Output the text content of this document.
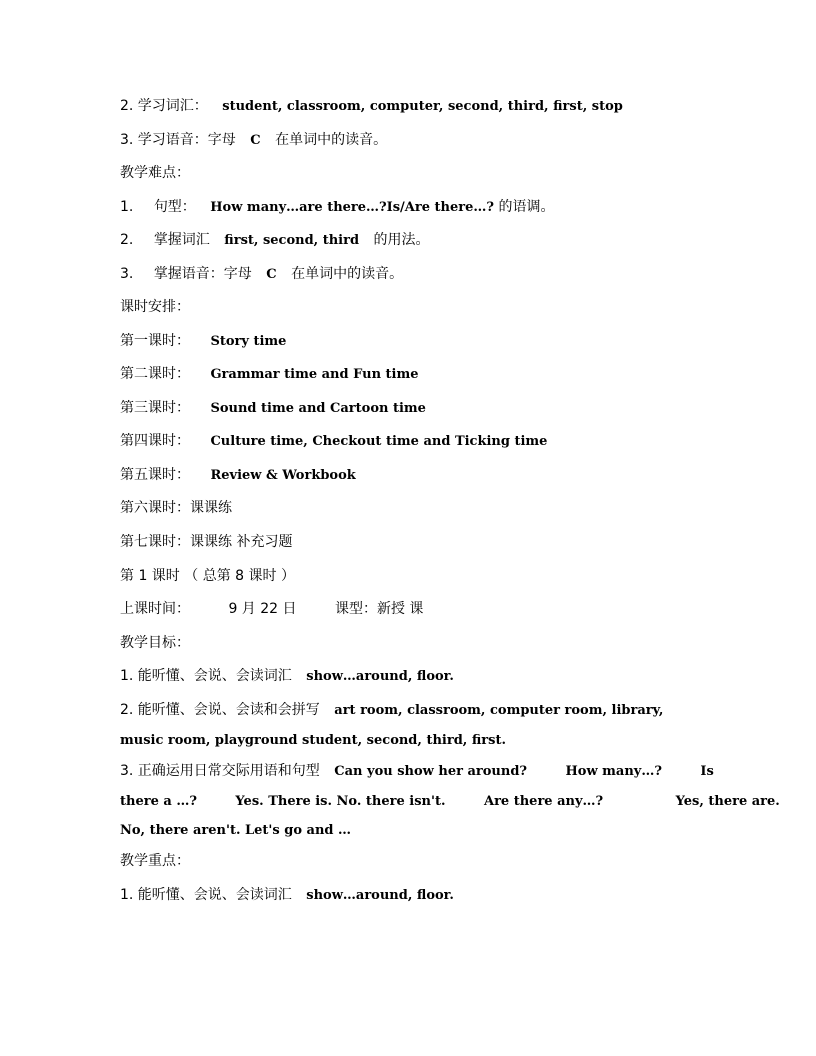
2. 学习词汇： student, classroom, computer, second, third, first, stop
3. 学习语音：字母 C 在单词中的读音。
教学难点：
1. 句型： How many…are there…?Is/Are there…? 的语调。
2. 掌握词汇 first, second, third 的用法。
3. 掌握语音：字母 C 在单词中的读音。
课时安排：
第一课时： Story time
第二课时： Grammar time and Fun time
第三课时： Sound time and Cartoon time
第四课时： Culture time, Checkout time and Ticking time
第五课时： Review & Workbook
第六课时：课课练
第七课时：课课练 补充习题
第 1 课时 （ 总第 8 课时 ）
上课时间：	9 月 22 日	课型：新授 课
教学目标：
1. 能听懂、会说、会读词汇 show…around, floor.
2. 能听懂、会说、会读和会拼写 art room, classroom, computer room, library,
music room, playground student, second, third, first.
3. 正确运用日常交际用语和句型 Can you show her around?	How many…?	Is
there a …?	Yes. There is. No. there isn't.	Are there any…?	Yes, there are.
No, there aren't. Let's go and …
教学重点：
1. 能听懂、会说、会读词汇 show…around, floor.
